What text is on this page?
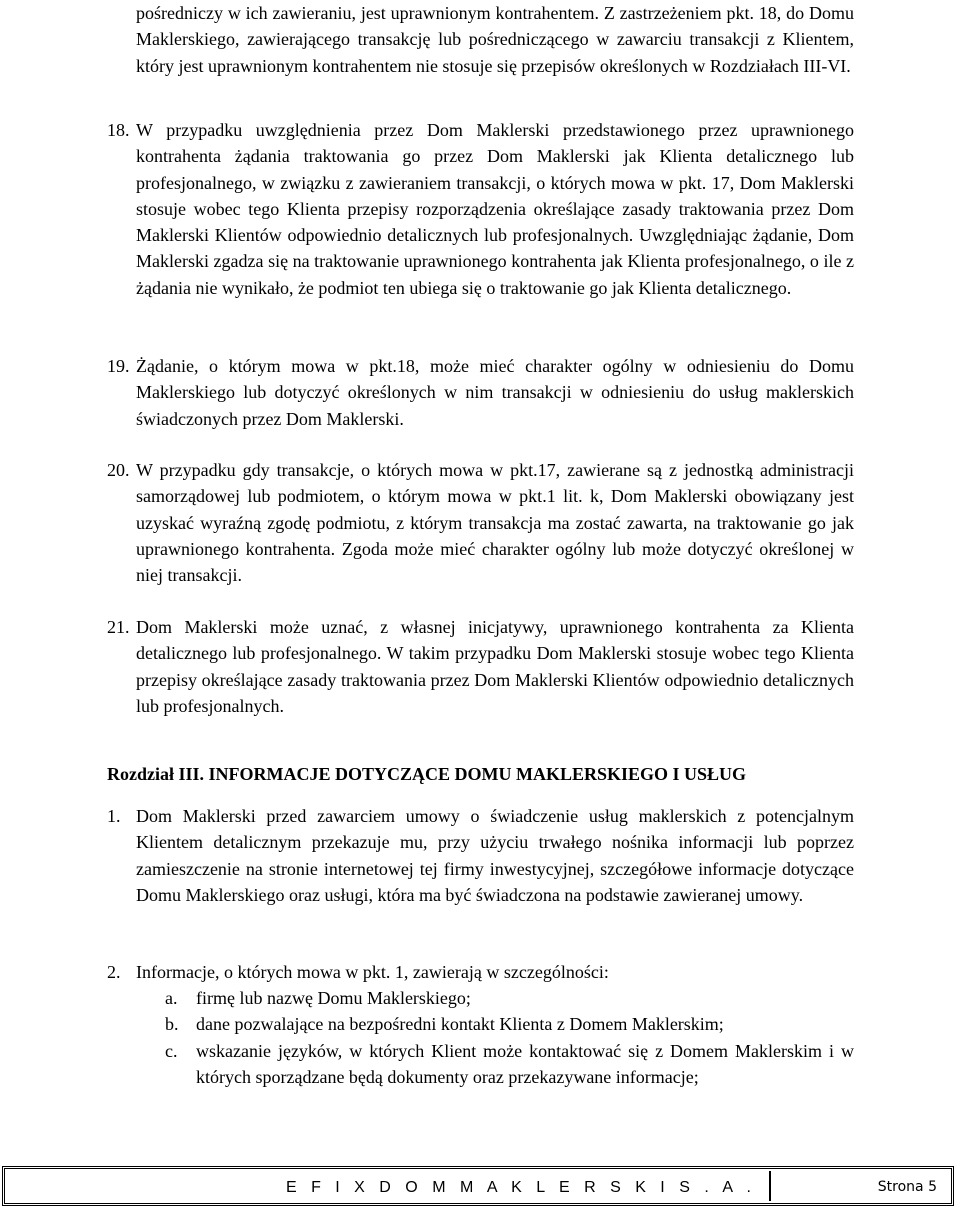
pośredniczy w ich zawieraniu, jest uprawnionym kontrahentem. Z zastrzeżeniem pkt. 18, do Domu Maklerskiego, zawierającego transakcję lub pośredniczącego w zawarciu transakcji z Klientem, który jest uprawnionym kontrahentem nie stosuje się przepisów określonych w Rozdziałach III-VI.
18. W przypadku uwzględnienia przez Dom Maklerski przedstawionego przez uprawnionego kontrahenta żądania traktowania go przez Dom Maklerski jak Klienta detalicznego lub profesjonalnego, w związku z zawieraniem transakcji, o których mowa w pkt. 17, Dom Maklerski stosuje wobec tego Klienta przepisy rozporządzenia określające zasady traktowania przez Dom Maklerski Klientów odpowiednio detalicznych lub profesjonalnych. Uwzględniając żądanie, Dom Maklerski zgadza się na traktowanie uprawnionego kontrahenta jak Klienta profesjonalnego, o ile z żądania nie wynikało, że podmiot ten ubiega się o traktowanie go jak Klienta detalicznego.
19. Żądanie, o którym mowa w pkt.18, może mieć charakter ogólny w odniesieniu do Domu Maklerskiego lub dotyczyć określonych w nim transakcji w odniesieniu do usług maklerskich świadczonych przez Dom Maklerski.
20. W przypadku gdy transakcje, o których mowa w pkt.17, zawierane są z jednostką administracji samorządowej lub podmiotem, o którym mowa w pkt.1 lit. k, Dom Maklerski obowiązany jest uzyskać wyraźną zgodę podmiotu, z którym transakcja ma zostać zawarta, na traktowanie go jak uprawnionego kontrahenta. Zgoda może mieć charakter ogólny lub może dotyczyć określonej w niej transakcji.
21. Dom Maklerski może uznać, z własnej inicjatywy, uprawnionego kontrahenta za Klienta detalicznego lub profesjonalnego. W takim przypadku Dom Maklerski stosuje wobec tego Klienta przepisy określające zasady traktowania przez Dom Maklerski Klientów odpowiednio detalicznych lub profesjonalnych.
Rozdział III. INFORMACJE DOTYCZĄCE DOMU MAKLERSKIEGO I USŁUG
1. Dom Maklerski przed zawarciem umowy o świadczenie usług maklerskich z potencjalnym Klientem detalicznym przekazuje mu, przy użyciu trwałego nośnika informacji lub poprzez zamieszczenie na stronie internetowej tej firmy inwestycyjnej, szczegółowe informacje dotyczące Domu Maklerskiego oraz usługi, która ma być świadczona na podstawie zawieranej umowy.
2. Informacje, o których mowa w pkt. 1, zawierają w szczególności:
a. firmę lub nazwę Domu Maklerskiego;
b. dane pozwalające na bezpośredni kontakt Klienta z Domem Maklerskim;
c. wskazanie języków, w których Klient może kontaktować się z Domem Maklerskim i w których sporządzane będą dokumenty oraz przekazywane informacje;
E F I X D O M M A K L E R S K I S . A .	Strona 5
